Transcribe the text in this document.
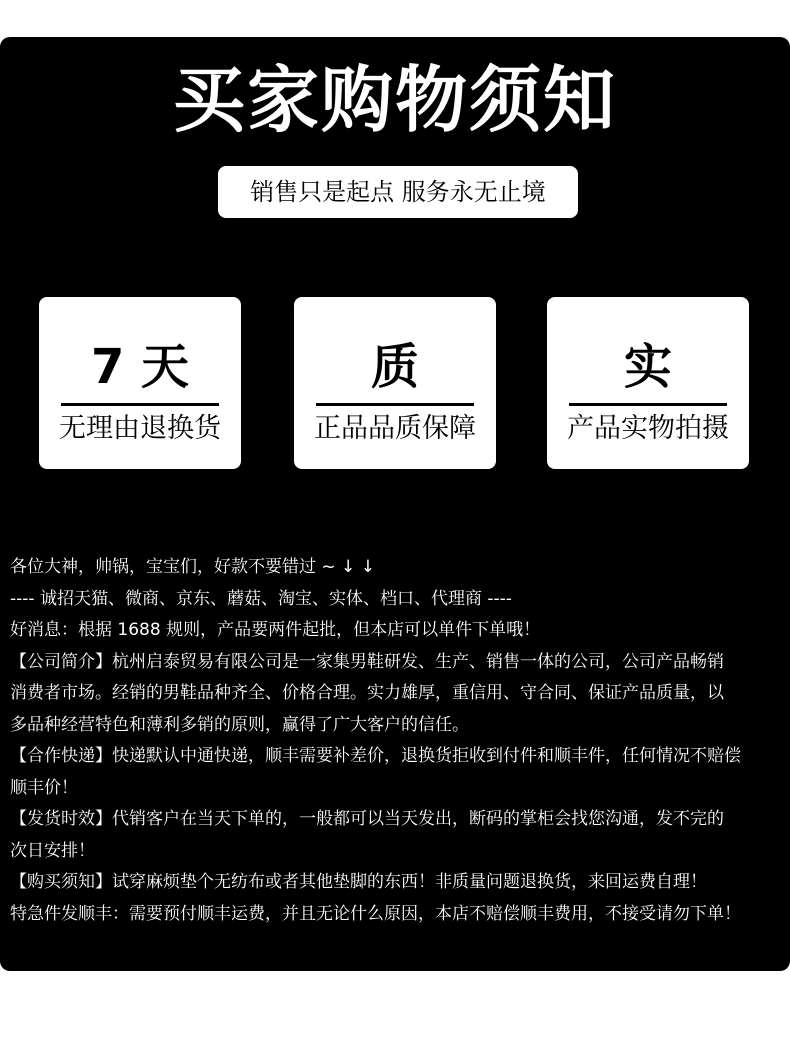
买家购物须知
销售只是起点 服务永无止境
7 天
无理由退换货
质
正品品质保障
实
产品实物拍摄

各位大神，帅锅，宝宝们，好款不要错过 ~ ↓ ↓

---- 诚招天猫、微商、京东、蘑菇、淘宝、实体、档口、代理商 ----

好消息：根据 1688 规则，产品要两件起批，但本店可以单件下单哦！

【公司简介】杭州启泰贸易有限公司是一家集男鞋研发、生产、销售一体的公司，公司产品畅销

消费者市场。经销的男鞋品种齐全、价格合理。实力雄厚，重信用、守合同、保证产品质量，以

多品种经营特色和薄利多销的原则，赢得了广大客户的信任。

【合作快递】快递默认中通快递，顺丰需要补差价，退换货拒收到付件和顺丰件，任何情况不赔偿

顺丰价！

【发货时效】代销客户在当天下单的，一般都可以当天发出，断码的掌柜会找您沟通，发不完的

次日安排！

【购买须知】试穿麻烦垫个无纺布或者其他垫脚的东西！非质量问题退换货，来回运费自理！

特急件发顺丰：需要预付顺丰运费，并且无论什么原因，本店不赔偿顺丰费用，不接受请勿下单！
